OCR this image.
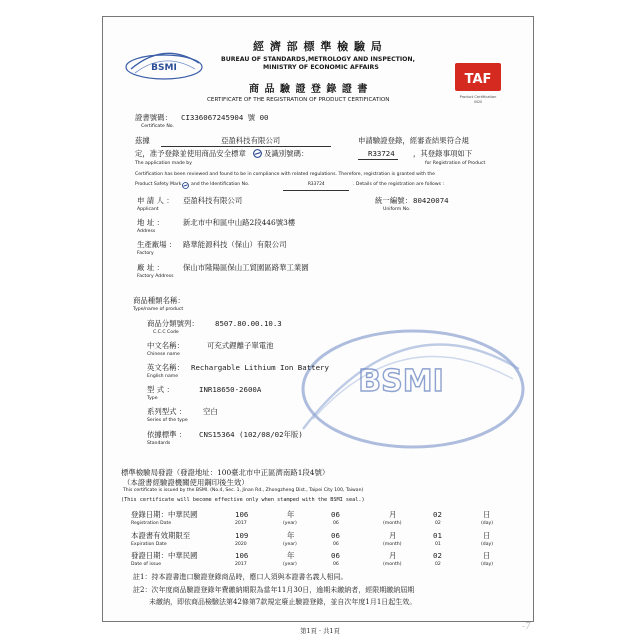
BSMI
經 濟 部 標 準 檢 驗 局
BUREAU OF STANDARDS,METROLOGY AND INSPECTION,
MINISTRY OF ECONOMIC AFFAIRS
TAF
Product Certification
0020
商 品 驗 證 登 錄 證 書
CERTIFICATE OF THE REGISTRATION OF PRODUCT CERTIFICATION
證書號碼： CI336067245904 號 00
Certificate No.
茲據	亞盈科技有限公司	申請驗證登錄，經審查結果符合規
定，准予登錄並使用商品安全標章 及識別號碼：	R33724 ，其登錄事項如下
The application made by	for Registration of Product
Certification has been reviewed and found to be in compliance with related regulations. Therefore, registration is granted with the
Product Safety Mark and the Identification No.	R33724	. Details of the registration are follows :
申 請 人 ： 亞盈科技有限公司
Applicant
統一編號： 80420074
Uniform No.
地 址 ：	新北市中和區中山路2段446號3樓
Address
生產廠場 ： 路華能源科技（保山）有限公司
Factory
廠 址 ：	保山市隆陽區保山工貿園區路華工業園
Factory Address
BSMI
商品種類名稱：
Type/name of product
商品分類號列： 8507.80.00.10.3
C.C.C Code
中文名稱：	可充式鋰離子單電池
Chinese name
英文名稱： Rechargable Lithium Ion Battery
English name
型 式 ：	INR18650-2600A
Type
系列型式 ： 空白
Series of the type
依據標準 ： CNS15364 (102/08/02年版)
Standards
標準檢驗局發證（發證地址：100臺北市中正區濟南路1段4號）
（本證書經驗證機關使用鋼印後生效）
This certificate is issued by the BSMI. (No.4, Sec. 1, Jinan Rd., Zhongzheng Dist., Taipei City 100, Taiwan)
(This certificate will become effective only when stamped with the BSMI seal.)
登錄日期：中華民國	106	年	06	月	02	日
Registration Date	2017	(year)	06	(month)	02	(day)
本證書有效期限至	109	年	06	月	01	日
Expiration Date	2020	(year)	06	(month)	01	(day)
發證日期：中華民國	106	年	06	月	02	日
Date of issue	2017	(year)	06	(month)	02	(day)
註1：持本證書進口驗證登錄商品時，應口人須與本證書名義人相同。
註2：次年度商品驗證登錄年費繳納期限為當年11月30日，逾期未繳納者，經限期繳納屆期
未繳納，即依商品檢驗法第42條第7款規定廢止驗證登錄，並自次年度1月1日起生效。
第1頁 · 共1頁	-7
